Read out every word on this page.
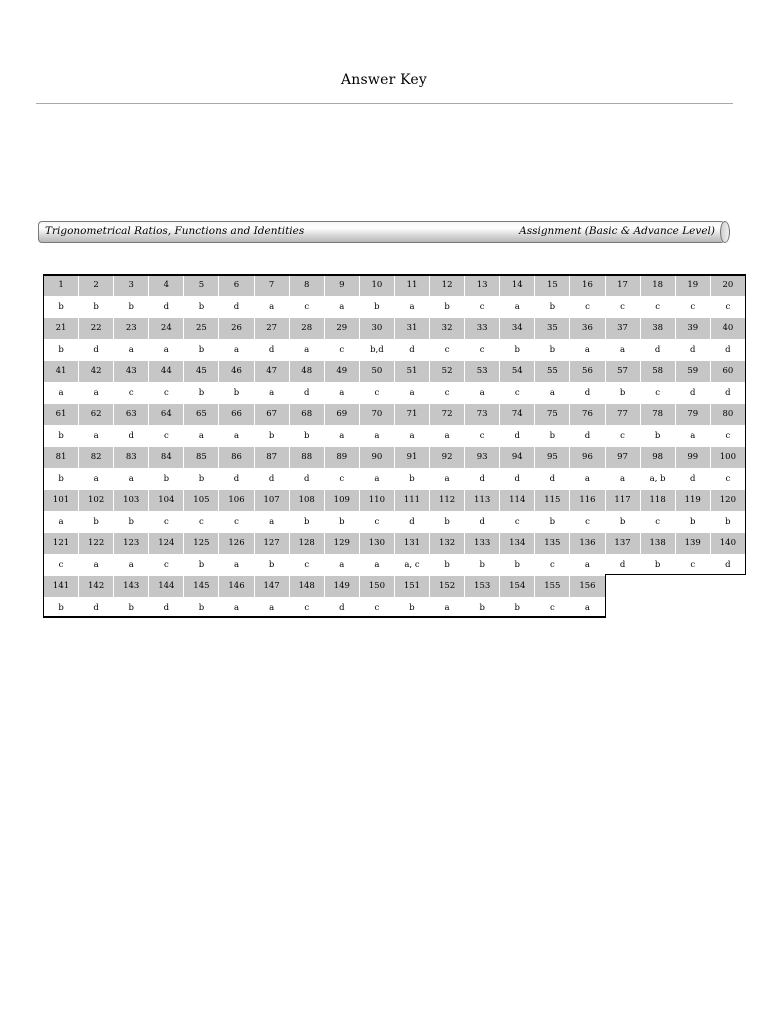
Answer Key
Trigonometrical Ratios, Functions and Identities	Assignment (Basic & Advance Level)
1	2	3	4	5	6	7	8	9	10	11	12	13	14	15	16	17	18	19	20
b	b	b	d	b	d	a	c	a	b	a	b	c	a	b	c	c	c	c	c
21	22	23	24	25	26	27	28	29	30	31	32	33	34	35	36	37	38	39	40
b	d	a	a	b	a	d	a	c	b,d	d	c	c	b	b	a	a	d	d	d
41	42	43	44	45	46	47	48	49	50	51	52	53	54	55	56	57	58	59	60
a	a	c	c	b	b	a	d	a	c	a	c	a	c	a	d	b	c	d	d
61	62	63	64	65	66	67	68	69	70	71	72	73	74	75	76	77	78	79	80
b	a	d	c	a	a	b	b	a	a	a	a	c	d	b	d	c	b	a	c
81	82	83	84	85	86	87	88	89	90	91	92	93	94	95	96	97	98	99	100
b	a	a	b	b	d	d	d	c	a	b	a	d	d	d	a	a	a, b	d	c
101	102	103	104	105	106	107	108	109	110	111	112	113	114	115	116	117	118	119	120
a	b	b	c	c	c	a	b	b	c	d	b	d	c	b	c	b	c	b	b
121	122	123	124	125	126	127	128	129	130	131	132	133	134	135	136	137	138	139	140
c	a	a	c	b	a	b	c	a	a	a, c	b	b	b	c	a	d	b	c	d
141	142	143	144	145	146	147	148	149	150	151	152	153	154	155	156				
b	d	b	d	b	a	a	c	d	c	b	a	b	b	c	a				
